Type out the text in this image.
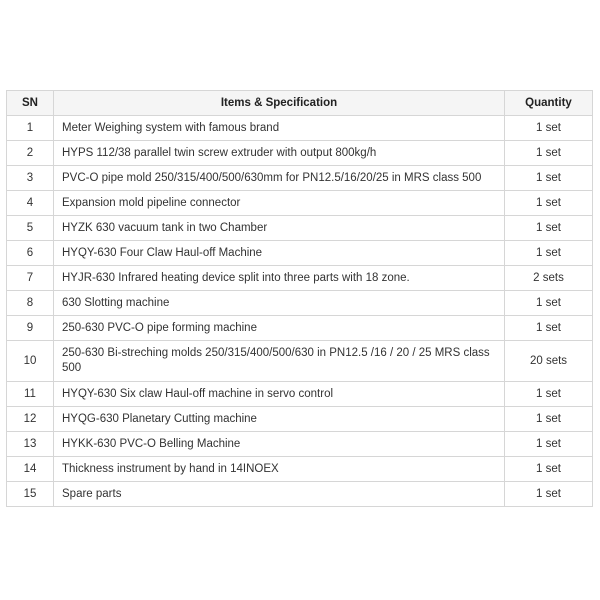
SN	Items & Specification	Quantity
1	Meter Weighing system with famous brand	1 set
2	HYPS 112/38 parallel twin screw extruder with output 800kg/h	1 set
3	PVC-O pipe mold 250/315/400/500/630mm for PN12.5/16/20/25 in MRS class 500	1 set
4	Expansion mold pipeline connector	1 set
5	HYZK 630 vacuum tank in two Chamber	1 set
6	HYQY-630 Four Claw Haul-off Machine	1 set
7	HYJR-630 Infrared heating device split into three parts with 18 zone.	2 sets
8	630 Slotting machine	1 set
9	250-630 PVC-O pipe forming machine	1 set
10	250-630 Bi-streching molds 250/315/400/500/630 in PN12.5 /16 / 20 / 25 MRS class 500	20 sets
11	HYQY-630 Six claw Haul-off machine in servo control	1 set
12	HYQG-630 Planetary Cutting machine	1 set
13	HYKK-630 PVC-O Belling Machine	1 set
14	Thickness instrument by hand in 14INOEX	1 set
15	Spare parts	1 set
